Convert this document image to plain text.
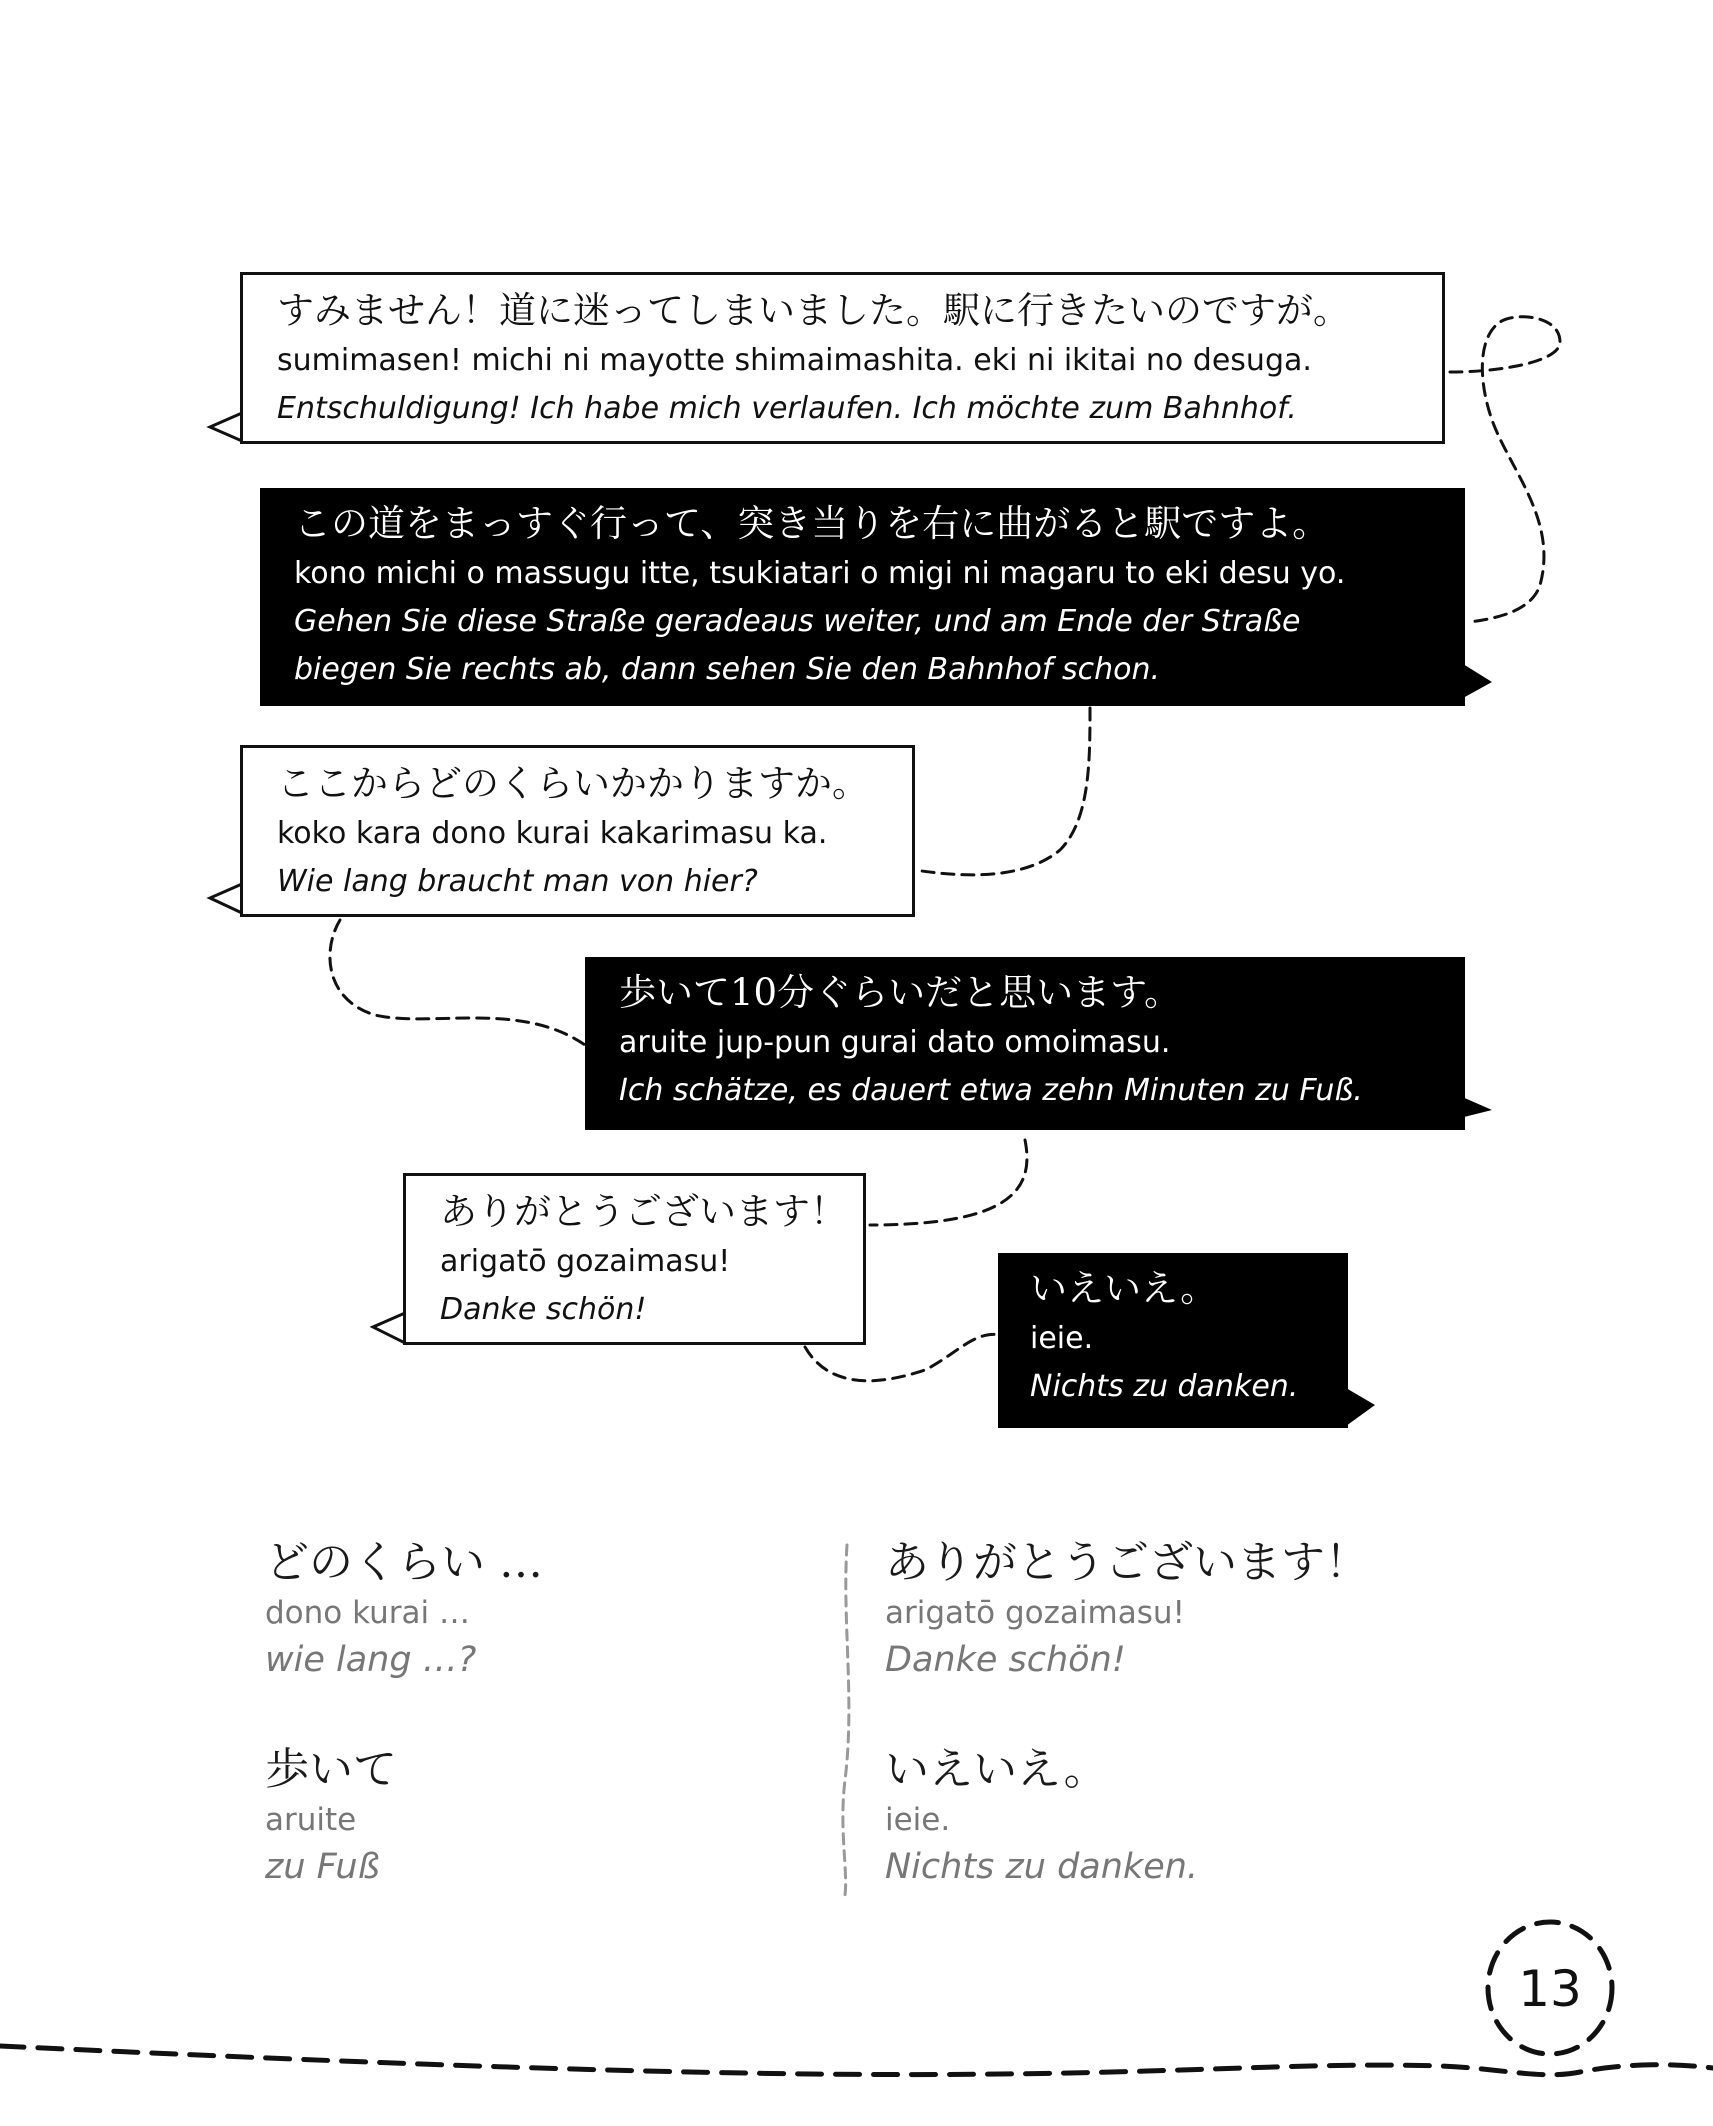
すみません！道に迷ってしまいました。駅に行きたいのですが。
sumimasen! michi ni mayotte shimaimashita. eki ni ikitai no desuga.
Entschuldigung! Ich habe mich verlaufen. Ich möchte zum Bahnhof.
この道をまっすぐ行って、突き当りを右に曲がると駅ですよ。
kono michi o massugu itte, tsukiatari o migi ni magaru to eki desu yo.
Gehen Sie diese Straße geradeaus weiter, und am Ende der Straße
biegen Sie rechts ab, dann sehen Sie den Bahnhof schon.
ここからどのくらいかかりますか。
koko kara dono kurai kakarimasu ka.
Wie lang braucht man von hier?
歩いて10分ぐらいだと思います。
aruite jup-pun gurai dato omoimasu.
Ich schätze, es dauert etwa zehn Minuten zu Fuß.
ありがとうございます！
arigatō gozaimasu!
Danke schön!	いえいえ。
ieie.
Nichts zu danken.
どのくらい …
dono kurai …
wie lang …?
歩いて
aruite
zu Fuß
ありがとうございます！
arigatō gozaimasu!
Danke schön!
いえいえ。
ieie.
Nichts zu danken.
13
